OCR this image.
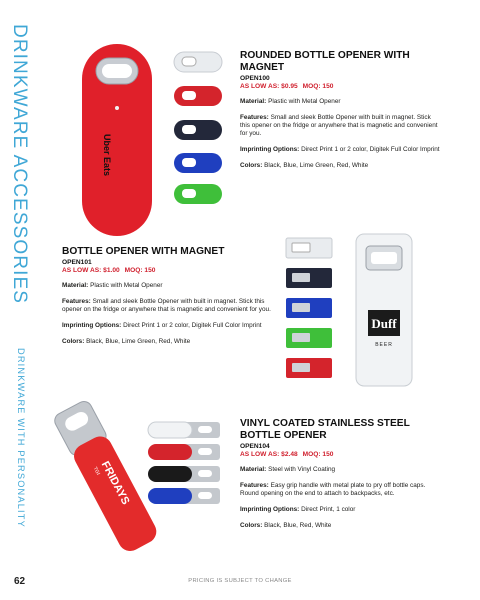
DRINKWARE ACCESSORIES
DRINKWARE WITH PERSONALITY
Uber Eats
ROUNDED BOTTLE OPENER WITH MAGNET
OPEN100
AS LOW AS: $0.95 MOQ: 150
Material: Plastic with Metal Opener
Features: Small and sleek Bottle Opener with built in magnet. Stick this opener on the fridge or anywhere that is magnetic and convenient for you.
Imprinting Options: Direct Print 1 or 2 color, Digitek Full Color Imprint
Colors: Black, Blue, Lime Green, Red, White
BOTTLE OPENER WITH MAGNET
OPEN101
AS LOW AS: $1.00 MOQ: 150
Material: Plastic with Metal Opener
Features: Small and sleek Bottle Opener with built in magnet. Stick this opener on the fridge or anywhere that is magnetic and convenient for you.
Imprinting Options: Direct Print 1 or 2 color, Digitek Full Color Imprint
Colors: Black, Blue, Lime Green, Red, White
Duff
BEER
TGI
FRIDAYS
VINYL COATED STAINLESS STEEL BOTTLE OPENER
OPEN104
AS LOW AS: $2.48 MOQ: 150
Material: Steel with Vinyl Coating
Features: Easy grip handle with metal plate to pry off bottle caps. Round opening on the end to attach to backpacks, etc.
Imprinting Options: Direct Print, 1 color
Colors: Black, Blue, Red, White
62	PRICING IS SUBJECT TO CHANGE
